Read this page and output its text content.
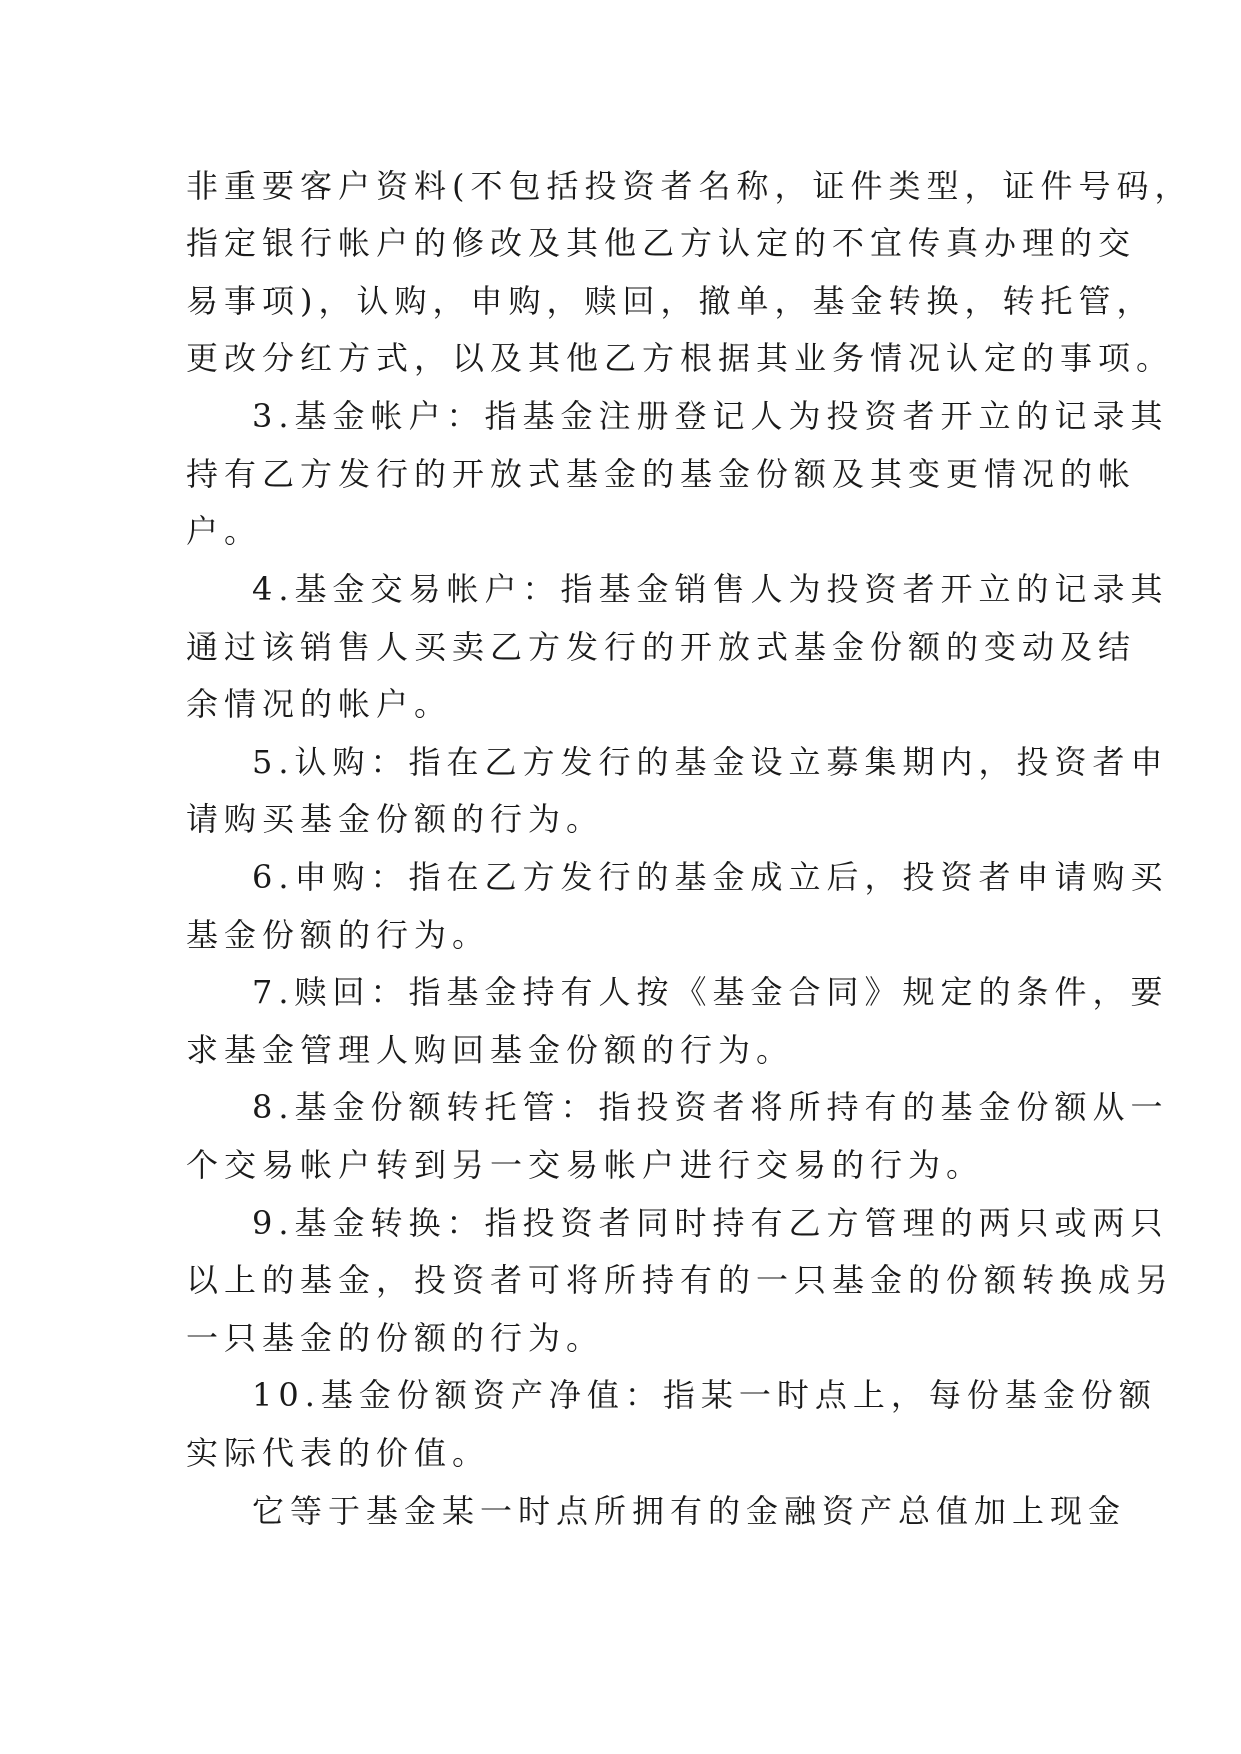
非重要客户资料(不包括投资者名称，证件类型，证件号码，
指定银行帐户的修改及其他乙方认定的不宜传真办理的交
易事项)，认购，申购，赎回，撤单，基金转换，转托管，
更改分红方式，以及其他乙方根据其业务情况认定的事项。
3.基金帐户：指基金注册登记人为投资者开立的记录其
持有乙方发行的开放式基金的基金份额及其变更情况的帐
户。
4.基金交易帐户：指基金销售人为投资者开立的记录其
通过该销售人买卖乙方发行的开放式基金份额的变动及结
余情况的帐户。
5.认购：指在乙方发行的基金设立募集期内，投资者申
请购买基金份额的行为。
6.申购：指在乙方发行的基金成立后，投资者申请购买
基金份额的行为。
7.赎回：指基金持有人按《基金合同》规定的条件，要
求基金管理人购回基金份额的行为。
8.基金份额转托管：指投资者将所持有的基金份额从一
个交易帐户转到另一交易帐户进行交易的行为。
9.基金转换：指投资者同时持有乙方管理的两只或两只
以上的基金，投资者可将所持有的一只基金的份额转换成另
一只基金的份额的行为。
10.基金份额资产净值：指某一时点上，每份基金份额
实际代表的价值。
它等于基金某一时点所拥有的金融资产总值加上现金
